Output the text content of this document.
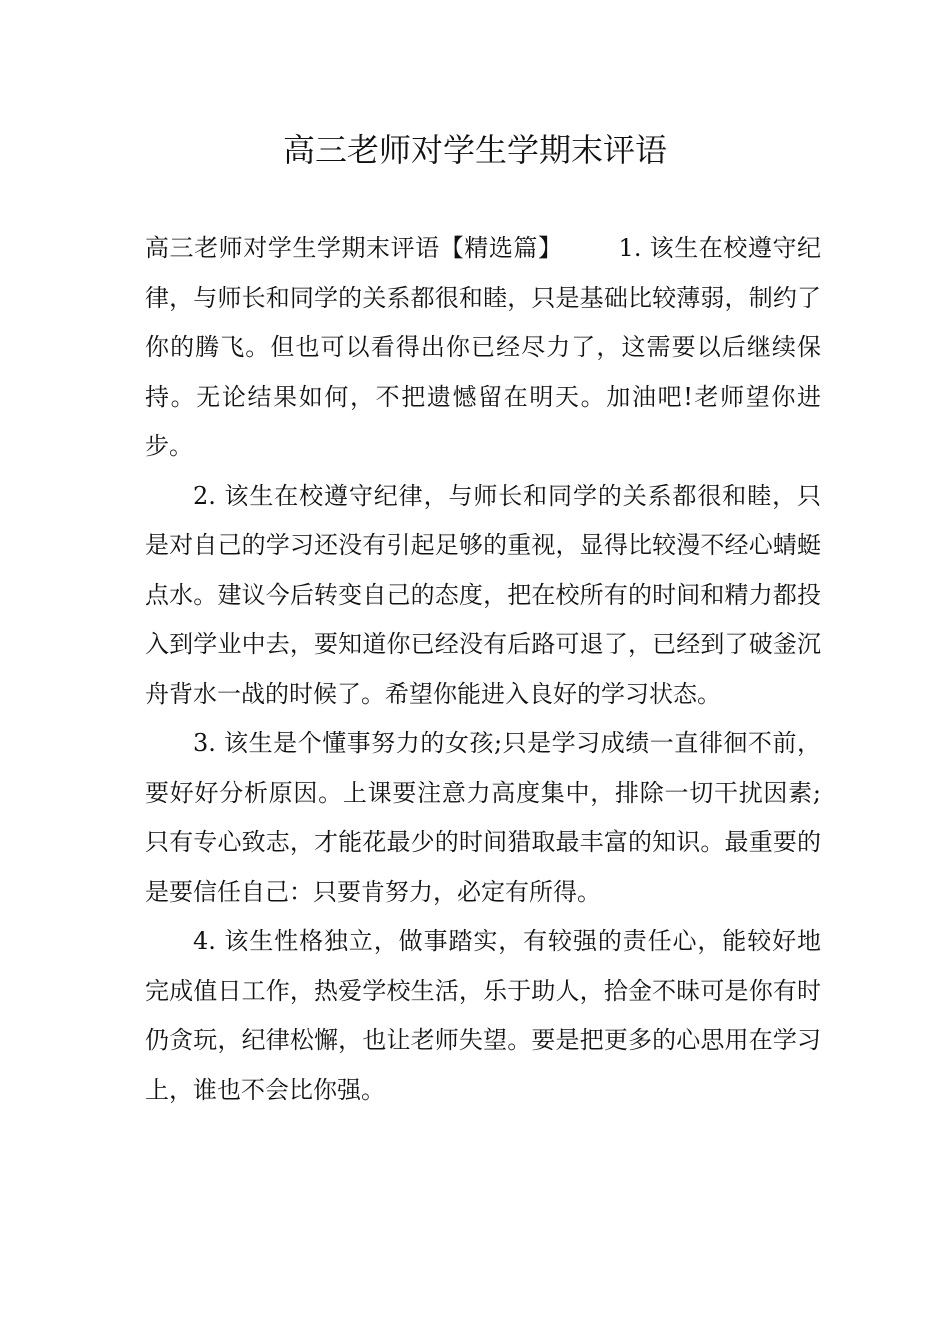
高三老师对学生学期末评语

高三老师对学生学期末评语【精选篇】 1. 该生在校遵守纪律，与师长和同学的关系都很和睦，只是基础比较薄弱，制约了你的腾飞。但也可以看得出你已经尽力了，这需要以后继续保持。无论结果如何，不把遗憾留在明天。加油吧!老师望你进步。

2. 该生在校遵守纪律，与师长和同学的关系都很和睦，只是对自己的学习还没有引起足够的重视，显得比较漫不经心蜻蜓点水。建议今后转变自己的态度，把在校所有的时间和精力都投入到学业中去，要知道你已经没有后路可退了，已经到了破釜沉舟背水一战的时候了。希望你能进入良好的学习状态。

3. 该生是个懂事努力的女孩;只是学习成绩一直徘徊不前，要好好分析原因。上课要注意力高度集中，排除一切干扰因素;只有专心致志，才能花最少的时间猎取最丰富的知识。最重要的是要信任自己：只要肯努力，必定有所得。

4. 该生性格独立，做事踏实，有较强的责任心，能较好地完成值日工作，热爱学校生活，乐于助人，拾金不昧可是你有时仍贪玩，纪律松懈，也让老师失望。要是把更多的心思用在学习上，谁也不会比你强。
